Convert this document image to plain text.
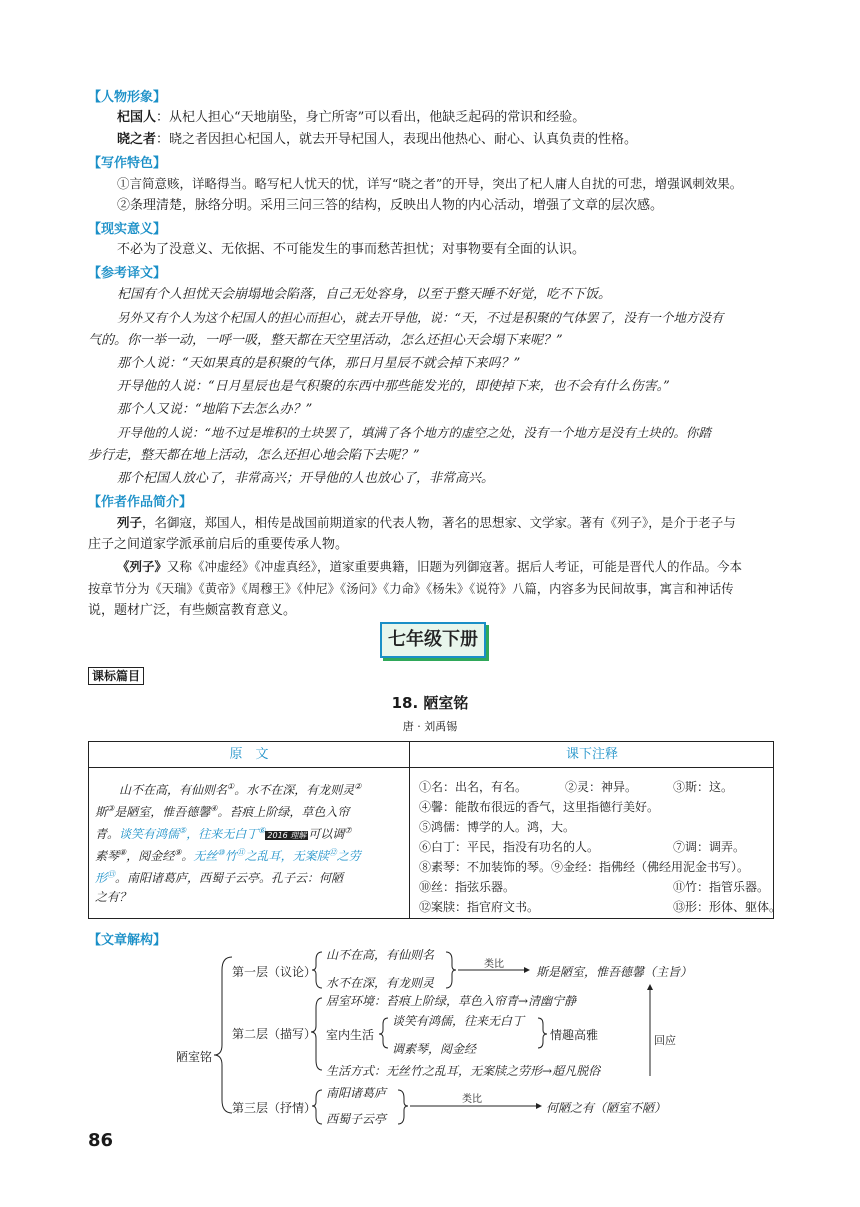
【人物形象】
杞国人：从杞人担心“天地崩坠，身亡所寄”可以看出，他缺乏起码的常识和经验。
晓之者：晓之者因担心杞国人，就去开导杞国人，表现出他热心、耐心、认真负责的性格。
【写作特色】
①言简意赅，详略得当。略写杞人忧天的忧，详写“晓之者”的开导，突出了杞人庸人自扰的可悲，增强讽刺效果。
②条理清楚，脉络分明。采用三问三答的结构，反映出人物的内心活动，增强了文章的层次感。
【现实意义】
不必为了没意义、无依据、不可能发生的事而愁苦担忧；对事物要有全面的认识。
【参考译文】
杞国有个人担忧天会崩塌地会陷落，自己无处容身，以至于整天睡不好觉，吃不下饭。
另外又有个人为这个杞国人的担心而担心，就去开导他，说：“天，不过是积聚的气体罢了，没有一个地方没有
气的。你一举一动，一呼一吸，整天都在天空里活动，怎么还担心天会塌下来呢？”
那个人说：“天如果真的是积聚的气体，那日月星辰不就会掉下来吗？”
开导他的人说：“日月星辰也是气积聚的东西中那些能发光的，即使掉下来，也不会有什么伤害。”
那个人又说：“地陷下去怎么办？”
开导他的人说：“地不过是堆积的土块罢了，填满了各个地方的虚空之处，没有一个地方是没有土块的。你踏
步行走，整天都在地上活动，怎么还担心地会陷下去呢？”
那个杞国人放心了，非常高兴；开导他的人也放心了，非常高兴。
【作者作品简介】
列子，名御寇，郑国人，相传是战国前期道家的代表人物，著名的思想家、文学家。著有《列子》，是介于老子与
庄子之间道家学派承前启后的重要传承人物。
《列子》又称《冲虚经》《冲虚真经》，道家重要典籍，旧题为列御寇著。据后人考证，可能是晋代人的作品。今本
按章节分为《天瑞》《黄帝》《周穆王》《仲尼》《汤问》《力命》《杨朱》《说符》八篇，内容多为民间故事，寓言和神话传
说，题材广泛，有些颇富教育意义。
七年级下册
课标篇目
18. 陋室铭
唐 · 刘禹锡
原　文	课下注释
山不在高，有仙则名①。水不在深，有龙则灵②
斯③是陋室，惟吾德馨④。苔痕上阶绿，草色入帘
青。谈笑有鸿儒⑤，往来无白丁⑥2016 理解 可以调⑦
素琴⑧，阅金经⑨。无丝⑩竹⑪之乱耳，无案牍⑫之劳
形⑬。南阳诸葛庐，西蜀子云亭。孔子云：何陋
之有？
①名：出名，有名。	②灵：神异。	③斯：这。
④馨：能散布很远的香气，这里指德行美好。
⑤鸿儒：博学的人。鸿，大。
⑥白丁：平民，指没有功名的人。	⑦调：调弄。
⑧素琴：不加装饰的琴。 ⑨金经：指佛经（佛经用泥金书写）。
⑩丝：指弦乐器。	⑪竹：指管乐器。
⑫案牍：指官府文书。	⑬形：形体、躯体。
【文章解构】
陋室铭
第一层（议论）
山不在高，有仙则名
水不在深，有龙则灵
类比
斯是陋室，惟吾德馨（主旨）
第二层（描写）
居室环境：苔痕上阶绿，草色入帘青→清幽宁静
室内生活
谈笑有鸿儒，往来无白丁
调素琴，阅金经
情趣高雅
生活方式：无丝竹之乱耳，无案牍之劳形→超凡脱俗
回应
第三层（抒情）
南阳诸葛庐
西蜀子云亭
类比
何陋之有（陋室不陋）
86
